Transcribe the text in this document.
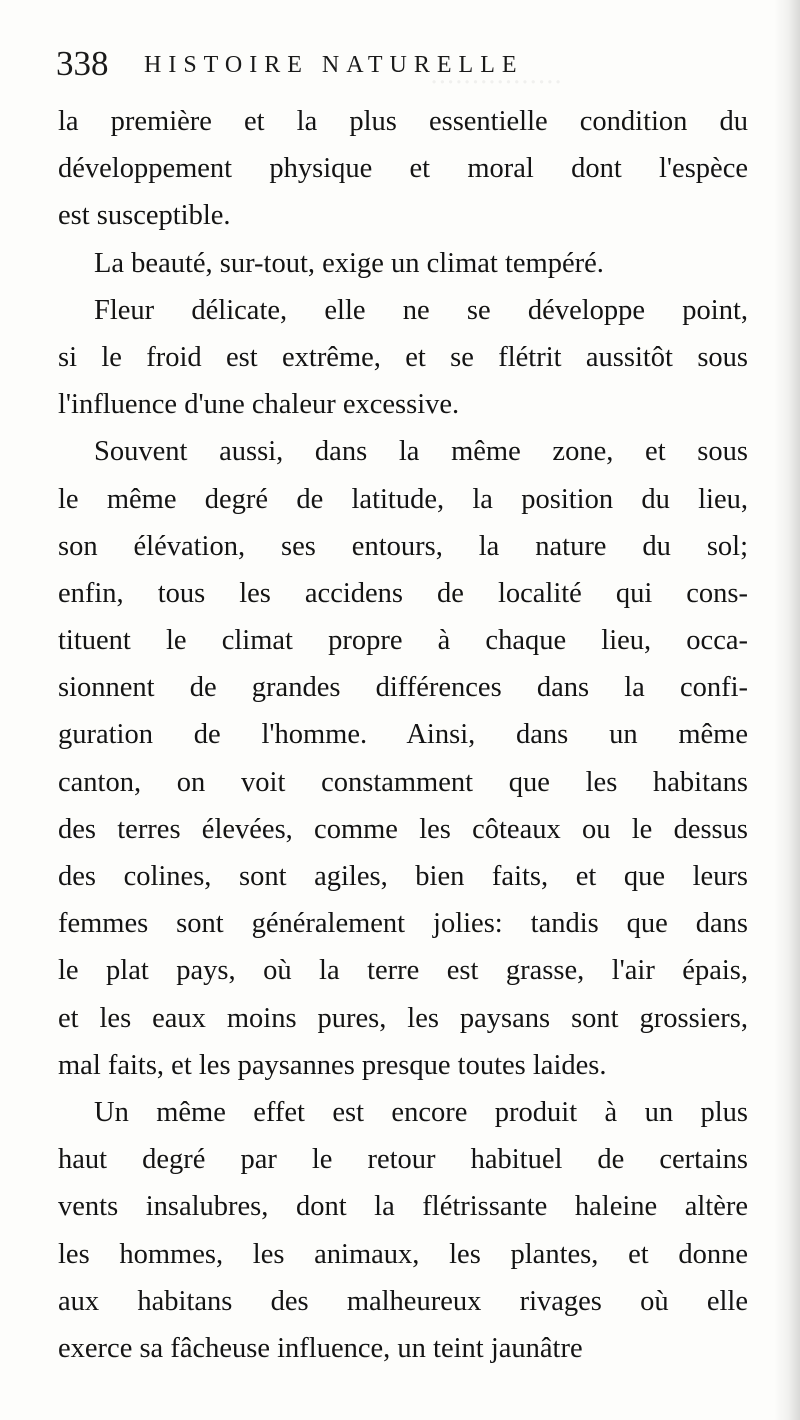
················
338 HISTOIRE NATURELLE
la première et la plus essentielle condition du
développement physique et moral dont l'espèce
est susceptible.
La beauté, sur-tout, exige un climat tempéré.
Fleur délicate, elle ne se développe point,
si le froid est extrême, et se flétrit aussitôt sous
l'influence d'une chaleur excessive.
Souvent aussi, dans la même zone, et sous
le même degré de latitude, la position du lieu,
son élévation, ses entours, la nature du sol;
enfin, tous les accidens de localité qui cons-
tituent le climat propre à chaque lieu, occa-
sionnent de grandes différences dans la confi-
guration de l'homme. Ainsi, dans un même
canton, on voit constamment que les habitans
des terres élevées, comme les côteaux ou le dessus
des colines, sont agiles, bien faits, et que leurs
femmes sont généralement jolies: tandis que dans
le plat pays, où la terre est grasse, l'air épais,
et les eaux moins pures, les paysans sont grossiers,
mal faits, et les paysannes presque toutes laides.
Un même effet est encore produit à un plus
haut degré par le retour habituel de certains
vents insalubres, dont la flétrissante haleine altère
les hommes, les animaux, les plantes, et donne
aux habitans des malheureux rivages où elle
exerce sa fâcheuse influence, un teint jaunâtre
